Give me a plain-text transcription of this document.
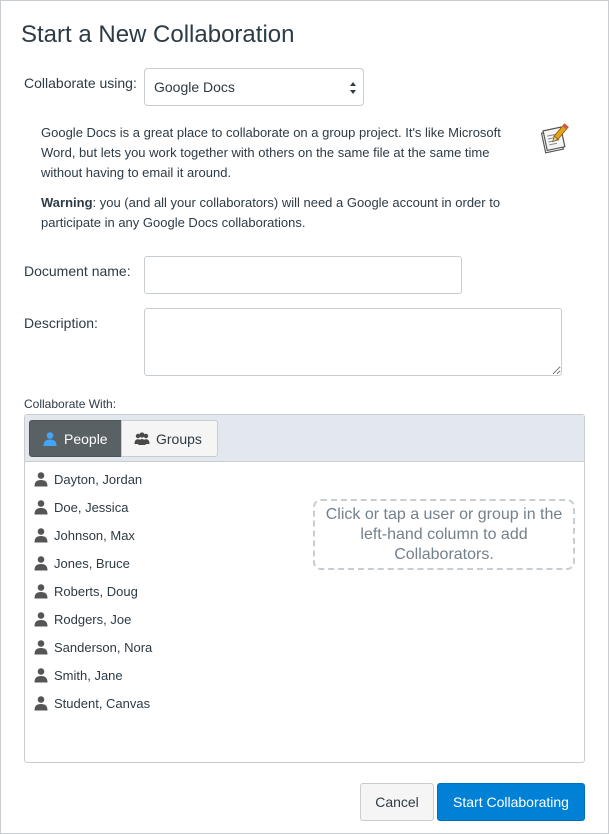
Start a New Collaboration
Collaborate using: Google Docs

Google Docs is a great place to collaborate on a group project. It's like Microsoft Word, but lets you work together with others on the same file at the same time without having to email it around.

Warning: you (and all your collaborators) will need a Google account in order to participate in any Google Docs collaborations.

Document name:
Description:
Collaborate With:
People	Groups
Dayton, Jordan
Doe, Jessica
Johnson, Max
Jones, Bruce
Roberts, Doug
Rodgers, Joe
Sanderson, Nora
Smith, Jane
Student, Canvas
Click or tap a user or group in the left-hand column to add Collaborators.
Cancel	Start Collaborating
